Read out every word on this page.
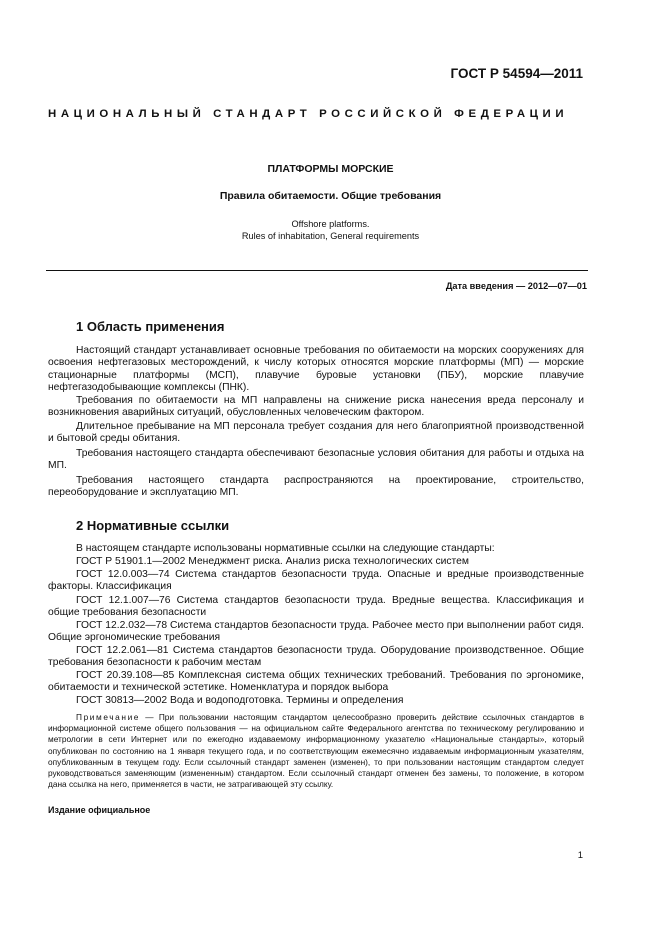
ГОСТ Р 54594—2011
НАЦИОНАЛЬНЫЙ СТАНДАРТ РОССИЙСКОЙ ФЕДЕРАЦИИ
ПЛАТФОРМЫ МОРСКИЕ
Правила обитаемости. Общие требования
Offshore platforms.
Rules of inhabitation, General requirements
Дата введения — 2012—07—01
1 Область применения
Настоящий стандарт устанавливает основные требования по обитаемости на морских сооружениях для освоения нефтегазовых месторождений, к числу которых относятся морские платформы (МП) — морские стационарные платформы (МСП), плавучие буровые установки (ПБУ), морские плавучие нефтегазодобывающие комплексы (ПНК).
Требования по обитаемости на МП направлены на снижение риска нанесения вреда персоналу и возникновения аварийных ситуаций, обусловленных человеческим фактором.
Длительное пребывание на МП персонала требует создания для него благоприятной производственной и бытовой среды обитания.
Требования настоящего стандарта обеспечивают безопасные условия обитания для работы и отдыха на МП.
Требования настоящего стандарта распространяются на проектирование, строительство, переоборудование и эксплуатацию МП.
2 Нормативные ссылки
В настоящем стандарте использованы нормативные ссылки на следующие стандарты:
ГОСТ Р 51901.1—2002 Менеджмент риска. Анализ риска технологических систем
ГОСТ 12.0.003—74 Система стандартов безопасности труда. Опасные и вредные производственные факторы. Классификация
ГОСТ 12.1.007—76 Система стандартов безопасности труда. Вредные вещества. Классификация и общие требования безопасности
ГОСТ 12.2.032—78 Система стандартов безопасности труда. Рабочее место при выполнении работ сидя. Общие эргономические требования
ГОСТ 12.2.061—81 Система стандартов безопасности труда. Оборудование производственное. Общие требования безопасности к рабочим местам
ГОСТ 20.39.108—85 Комплексная система общих технических требований. Требования по эргономике, обитаемости и технической эстетике. Номенклатура и порядок выбора
ГОСТ 30813—2002 Вода и водоподготовка. Термины и определения
Примечание — При пользовании настоящим стандартом целесообразно проверить действие ссылочных стандартов в информационной системе общего пользования — на официальном сайте Федерального агентства по техническому регулированию и метрологии в сети Интернет или по ежегодно издаваемому информационному указателю «Национальные стандарты», который опубликован по состоянию на 1 января текущего года, и по соответствующим ежемесячно издаваемым информационным указателям, опубликованным в текущем году. Если ссылочный стандарт заменен (изменен), то при пользовании настоящим стандартом следует руководствоваться заменяющим (измененным) стандартом. Если ссылочный стандарт отменен без замены, то положение, в котором дана ссылка на него, применяется в части, не затрагивающей эту ссылку.
Издание официальное
1
